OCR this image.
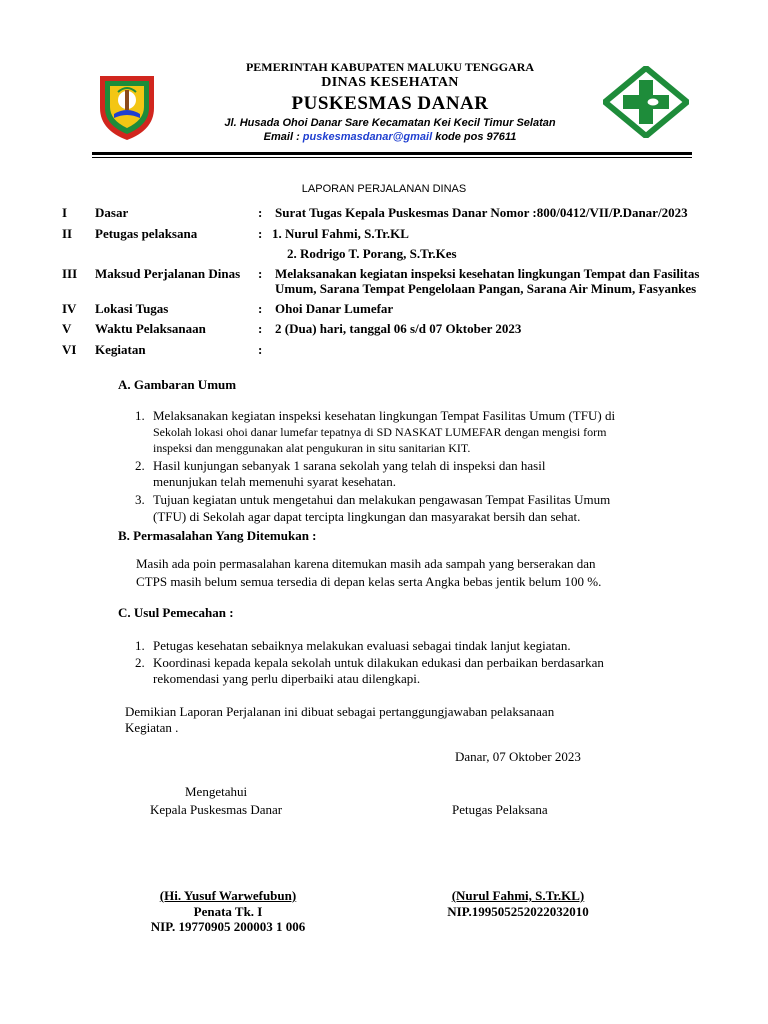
PEMERINTAH KABUPATEN MALUKU TENGGARA
DINAS KESEHATAN
PUSKESMAS DANAR
Jl. Husada Ohoi Danar Sare Kecamatan Kei Kecil Timur Selatan
Email : puskesmasdanar@gmail kode pos 97611
LAPORAN PERJALANAN DINAS
I Dasar	: Surat Tugas Kepala Puskesmas Danar Nomor :800/0412/VII/P.Danar/2023
II Petugas pelaksana	: 1. Nurul Fahmi, S.Tr.KL
2. Rodrigo T. Porang, S.Tr.Kes
III Maksud Perjalanan Dinas : Melaksanakan kegiatan inspeksi kesehatan lingkungan Tempat dan Fasilitas
Umum, Sarana Tempat Pengelolaan Pangan, Sarana Air Minum, Fasyankes
IV Lokasi Tugas	: Ohoi Danar Lumefar
V Waktu Pelaksanaan	: 2 (Dua) hari, tanggal 06 s/d 07 Oktober 2023
VI Kegiatan	:
A. Gambaran Umum
1. Melaksanakan kegiatan inspeksi kesehatan lingkungan Tempat Fasilitas Umum (TFU) di
Sekolah lokasi ohoi danar lumefar tepatnya di SD NASKAT LUMEFAR dengan mengisi form
inspeksi dan menggunakan alat pengukuran in situ sanitarian KIT.
2. Hasil kunjungan sebanyak 1 sarana sekolah yang telah di inspeksi dan hasil
menunjukan telah memenuhi syarat kesehatan.
3. Tujuan kegiatan untuk mengetahui dan melakukan pengawasan Tempat Fasilitas Umum
(TFU) di Sekolah agar dapat tercipta lingkungan dan masyarakat bersih dan sehat.
B. Permasalahan Yang Ditemukan :
Masih ada poin permasalahan karena ditemukan masih ada sampah yang berserakan dan
CTPS masih belum semua tersedia di depan kelas serta Angka bebas jentik belum 100 %.
C. Usul Pemecahan :
1. Petugas kesehatan sebaiknya melakukan evaluasi sebagai tindak lanjut kegiatan.
2. Koordinasi kepada kepala sekolah untuk dilakukan edukasi dan perbaikan berdasarkan
rekomendasi yang perlu diperbaiki atau dilengkapi.
Demikian Laporan Perjalanan ini dibuat sebagai pertanggungjawaban pelaksanaan
Kegiatan .
Danar, 07 Oktober 2023
Mengetahui
Kepala Puskesmas Danar	Petugas Pelaksana
(Hi. Yusuf Warwefubun)
Penata Tk. I
NIP. 19770905 200003 1 006
(Nurul Fahmi, S.Tr.KL)
NIP.199505252022032010
